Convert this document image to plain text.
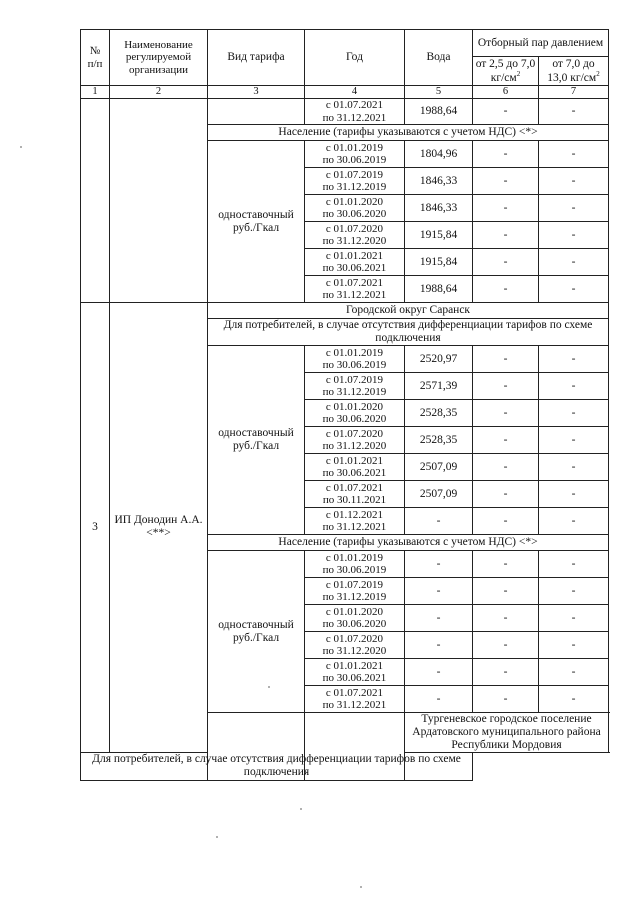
№
п/п	Наименование регулируемой организации	Вид тарифа	Год	Вода	Отборный пар давлением	
					от 2,5 до 7,0 $кг/см^2$	от 7,0 до 13,0 $кг/см^2$
1	2	3	4	5	6	7

			с 01.07.2021
по 31.12.2021	1988,64	-	-
		Население (тарифы указываются с учетом НДС) <*>				
		одноставочный руб./Гкал	с 01.01.2019
по 30.06.2019	1804,96	-	-

			с 01.07.2019
по 31.12.2019	1846,33	-	-

			с 01.01.2020
по 30.06.2020	1846,33	-	-

			с 01.07.2020
по 31.12.2020	1915,84	-	-

			с 01.01.2021
по 30.06.2021	1915,84	-	-

			с 01.07.2021
по 31.12.2021	1988,64	-	-
3	ИП Донодин А.А. <**>	Городской округ Саранск				
		Для потребителей, в случае отсутствия дифференциации тарифов по схеме подключения				
		одноставочный руб./Гкал	с 01.01.2019
по 30.06.2019	2520,97	-	-

			с 01.07.2019
по 31.12.2019	2571,39	-	-

			с 01.01.2020
по 30.06.2020	2528,35	-	-

			с 01.07.2020
по 31.12.2020	2528,35	-	-

			с 01.01.2021
по 30.06.2021	2507,09	-	-

			с 01.07.2021
по 30.11.2021	2507,09	-	-

			с 01.12.2021
по 31.12.2021	-	-	-
		Население (тарифы указываются с учетом НДС) <*>				
		одноставочный руб./Гкал	с 01.01.2019
по 30.06.2019	-	-	-

			с 01.07.2019
по 31.12.2019	-	-	-

			с 01.01.2020
по 30.06.2020	-	-	-

			с 01.07.2020
по 31.12.2020	-	-	-

			с 01.01.2021
по 30.06.2021	-	-	-

			с 01.07.2021
по 31.12.2021	-	-	-

				Тургеневское городское поселение
Ардатовского муниципального района Республики Мордовия		

Для потребителей, в случае отсутствия дифференциации тарифов по схеме подключения						
